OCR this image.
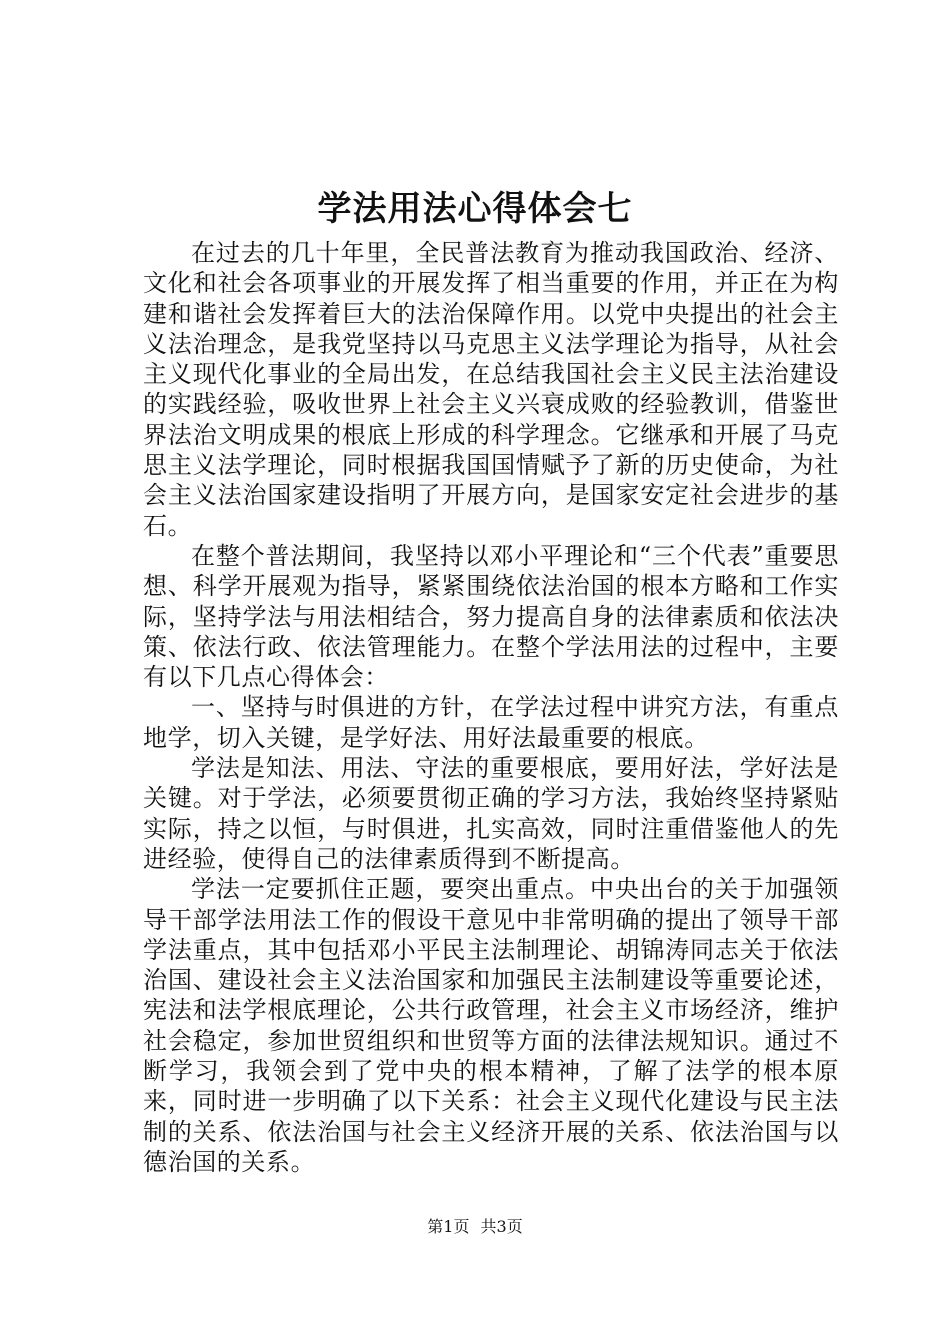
学法用法心得体会七

在过去的几十年里，全民普法教育为推动我国政治、经济、文化和社会各项事业的开展发挥了相当重要的作用，并正在为构建和谐社会发挥着巨大的法治保障作用。以党中央提出的社会主义法治理念，是我党坚持以马克思主义法学理论为指导，从社会主义现代化事业的全局出发，在总结我国社会主义民主法治建设的实践经验，吸收世界上社会主义兴衰成败的经验教训，借鉴世界法治文明成果的根底上形成的科学理念。它继承和开展了马克思主义法学理论，同时根据我国国情赋予了新的历史使命，为社会主义法治国家建设指明了开展方向，是国家安定社会进步的基石。

在整个普法期间，我坚持以邓小平理论和“三个代表”重要思想、科学开展观为指导，紧紧围绕依法治国的根本方略和工作实际，坚持学法与用法相结合，努力提高自身的法律素质和依法决策、依法行政、依法管理能力。在整个学法用法的过程中，主要有以下几点心得体会：

一、坚持与时俱进的方针，在学法过程中讲究方法，有重点地学，切入关键，是学好法、用好法最重要的根底。

学法是知法、用法、守法的重要根底，要用好法，学好法是关键。对于学法，必须要贯彻正确的学习方法，我始终坚持紧贴实际，持之以恒，与时俱进，扎实高效，同时注重借鉴他人的先进经验，使得自己的法律素质得到不断提高。

学法一定要抓住正题，要突出重点。中央出台的关于加强领导干部学法用法工作的假设干意见中非常明确的提出了领导干部学法重点，其中包括邓小平民主法制理论、胡锦涛同志关于依法治国、建设社会主义法治国家和加强民主法制建设等重要论述，宪法和法学根底理论，公共行政管理，社会主义市场经济，维护社会稳定，参加世贸组织和世贸等方面的法律法规知识。通过不断学习，我领会到了党中央的根本精神，了解了法学的根本原来，同时进一步明确了以下关系：社会主义现代化建设与民主法制的关系、依法治国与社会主义经济开展的关系、依法治国与以德治国的关系。

第1页 共3页
